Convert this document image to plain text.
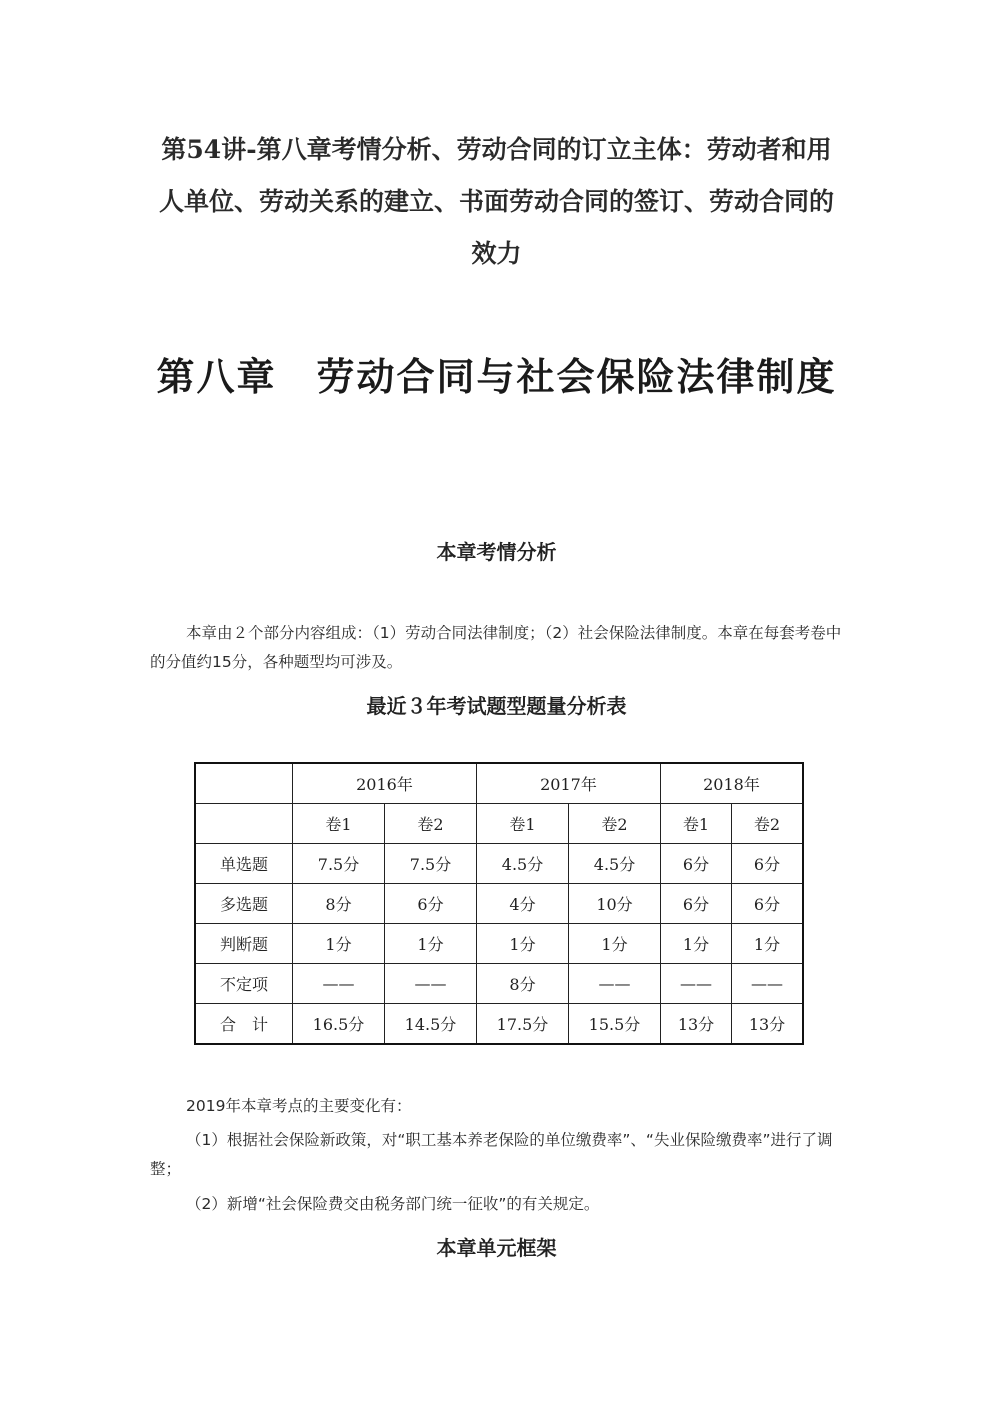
第54讲-第八章考情分析、劳动合同的订立主体：劳动者和用人单位、劳动关系的建立、书面劳动合同的签订、劳动合同的效力
第八章　劳动合同与社会保险法律制度
本章考情分析
本章由２个部分内容组成：（1）劳动合同法律制度；（2）社会保险法律制度。本章在每套考卷中的分值约15分，各种题型均可涉及。
最近３年考试题型题量分析表
	2016年		2017年		2018年	
	卷1	卷2	卷1	卷2	卷1	卷2
单选题	7.5分	7.5分	4.5分	4.5分	6分	6分
多选题	8分	6分	4分	10分	6分	6分
判断题	1分	1分	1分	1分	1分	1分
不定项	——	——	8分	——	——	——
合　计	16.5分	14.5分	17.5分	15.5分	13分	13分
2019年本章考点的主要变化有：
（1）根据社会保险新政策，对“职工基本养老保险的单位缴费率”、“失业保险缴费率”进行了调整；
（2）新增“社会保险费交由税务部门统一征收”的有关规定。
本章单元框架
